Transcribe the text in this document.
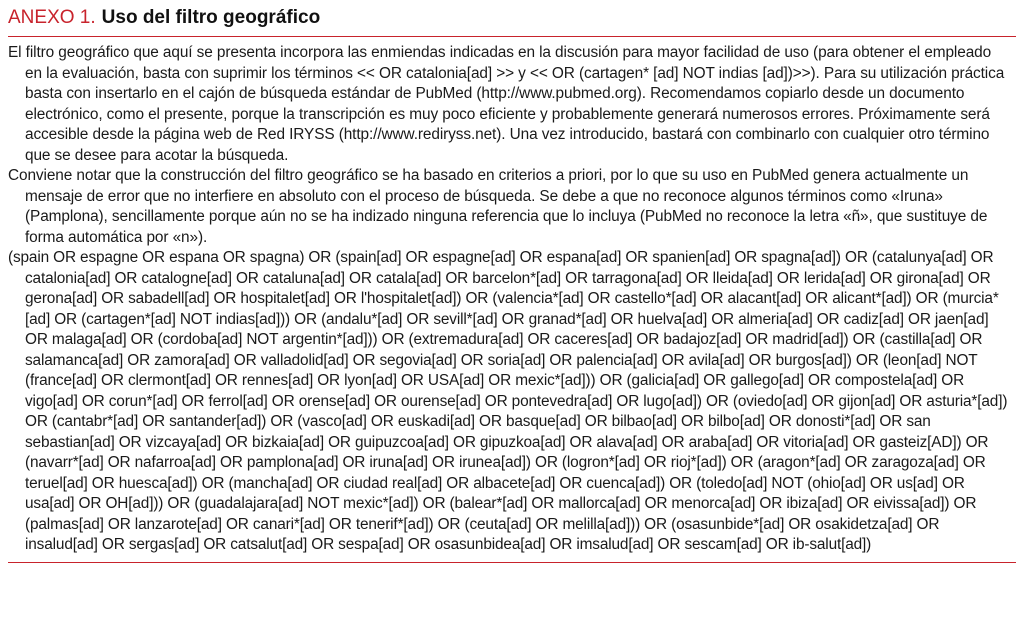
ANEXO 1. Uso del filtro geográfico

El filtro geográfico que aquí se presenta incorpora las enmiendas indicadas en la discusión para mayor facilidad de uso (para obtener el empleado en la evaluación, basta con suprimir los términos << OR catalonia[ad] >> y << OR (cartagen* [ad] NOT indias [ad])>>). Para su utilización práctica basta con insertarlo en el cajón de búsqueda estándar de PubMed (http://www.pubmed.org). Recomendamos copiarlo desde un documento electrónico, como el presente, porque la transcripción es muy poco eficiente y probablemente generará numerosos errores. Próximamente será accesible desde la página web de Red IRYSS (http://www.rediryss.net). Una vez introducido, bastará con combinarlo con cualquier otro término que se desee para acotar la búsqueda.

Conviene notar que la construcción del filtro geográfico se ha basado en criterios a priori, por lo que su uso en PubMed genera actualmente un mensaje de error que no interfiere en absoluto con el proceso de búsqueda. Se debe a que no reconoce algunos términos como «Iruna» (Pamplona), sencillamente porque aún no se ha indizado ninguna referencia que lo incluya (PubMed no reconoce la letra «ñ», que sustituye de forma automática por «n»).

(spain OR espagne OR espana OR spagna) OR (spain[ad] OR espagne[ad] OR espana[ad] OR spanien[ad] OR spagna[ad]) OR (catalunya[ad] OR catalonia[ad] OR catalogne[ad] OR cataluna[ad] OR catala[ad] OR barcelon*[ad] OR tarragona[ad] OR lleida[ad] OR lerida[ad] OR girona[ad] OR gerona[ad] OR sabadell[ad] OR hospitalet[ad] OR l'hospitalet[ad]) OR (valencia*[ad] OR castello*[ad] OR alacant[ad] OR alicant*[ad]) OR (murcia*[ad] OR (cartagen*[ad] NOT indias[ad])) OR (andalu*[ad] OR sevill*[ad] OR granad*[ad] OR huelva[ad] OR almeria[ad] OR cadiz[ad] OR jaen[ad] OR malaga[ad] OR (cordoba[ad] NOT argentin*[ad])) OR (extremadura[ad] OR caceres[ad] OR badajoz[ad] OR madrid[ad]) OR (castilla[ad] OR salamanca[ad] OR zamora[ad] OR valladolid[ad] OR segovia[ad] OR soria[ad] OR palencia[ad] OR avila[ad] OR burgos[ad]) OR (leon[ad] NOT (france[ad] OR clermont[ad] OR rennes[ad] OR lyon[ad] OR USA[ad] OR mexic*[ad])) OR (galicia[ad] OR gallego[ad] OR compostela[ad] OR vigo[ad] OR corun*[ad] OR ferrol[ad] OR orense[ad] OR ourense[ad] OR pontevedra[ad] OR lugo[ad]) OR (oviedo[ad] OR gijon[ad] OR asturia*[ad]) OR (cantabr*[ad] OR santander[ad]) OR (vasco[ad] OR euskadi[ad] OR basque[ad] OR bilbao[ad] OR bilbo[ad] OR donosti*[ad] OR san sebastian[ad] OR vizcaya[ad] OR bizkaia[ad] OR guipuzcoa[ad] OR gipuzkoa[ad] OR alava[ad] OR araba[ad] OR vitoria[ad] OR gasteiz[AD]) OR (navarr*[ad] OR nafarroa[ad] OR pamplona[ad] OR iruna[ad] OR irunea[ad]) OR (logron*[ad] OR rioj*[ad]) OR (aragon*[ad] OR zaragoza[ad] OR teruel[ad] OR huesca[ad]) OR (mancha[ad] OR ciudad real[ad] OR albacete[ad] OR cuenca[ad]) OR (toledo[ad] NOT (ohio[ad] OR us[ad] OR usa[ad] OR OH[ad])) OR (guadalajara[ad] NOT mexic*[ad]) OR (balear*[ad] OR mallorca[ad] OR menorca[ad] OR ibiza[ad] OR eivissa[ad]) OR (palmas[ad] OR lanzarote[ad] OR canari*[ad] OR tenerif*[ad]) OR (ceuta[ad] OR melilla[ad])) OR (osasunbide*[ad] OR osakidetza[ad] OR insalud[ad] OR sergas[ad] OR catsalut[ad] OR sespa[ad] OR osasunbidea[ad] OR imsalud[ad] OR sescam[ad] OR ib-salut[ad])
